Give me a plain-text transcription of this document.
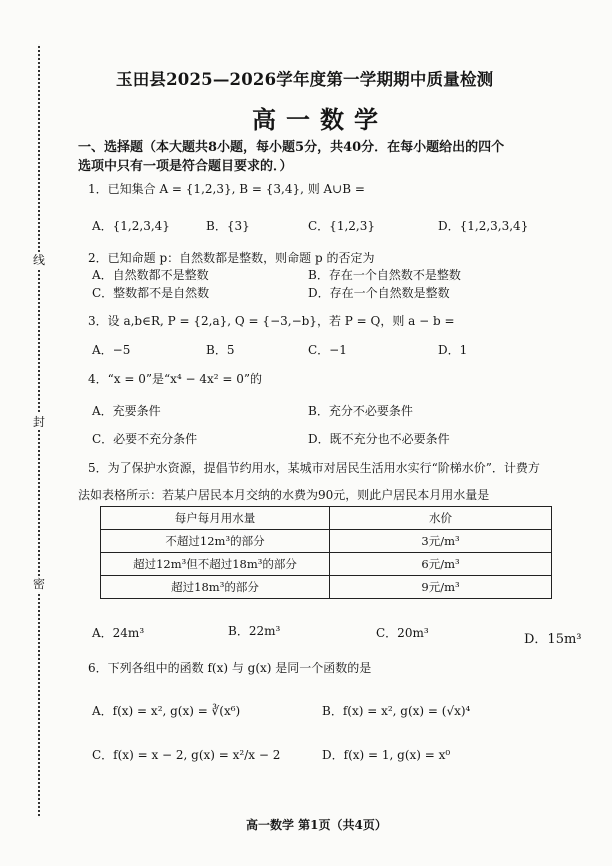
线
封
密
玉田县2025—2026学年度第一学期期中质量检测
高一数学
一、选择题（本大题共8小题，每小题5分，共40分．在每小题给出的四个
选项中只有一项是符合题目要求的．）
1．已知集合 A = {1,2,3}, B = {3,4}, 则 A∪B =
A．{1,2,3,4}	B．{3}	C．{1,2,3}	D．{1,2,3,3,4}
2．已知命题 p：自然数都是整数，则命题 p 的否定为
A．自然数都不是整数	B．存在一个自然数不是整数
C．整数都不是自然数	D．存在一个自然数是整数
3．设 a,b∈R, P = {2,a}, Q = {−3,−b}，若 P = Q，则 a − b =
A．−5	B．5	C．−1	D．1
4．“x = 0”是“x⁴ − 4x² = 0”的
A．充要条件	B．充分不必要条件
C．必要不充分条件	D．既不充分也不必要条件
5．为了保护水资源，提倡节约用水，某城市对居民生活用水实行“阶梯水价”．计费方
法如表格所示：若某户居民本月交纳的水费为90元，则此户居民本月用水量是
每户每月用水量	水价
不超过12m³的部分	3元/m³
超过12m³但不超过18m³的部分	6元/m³
超过18m³的部分	9元/m³
A．24m³	B．22m³	C．20m³	D．15m³
6．下列各组中的函数 f(x) 与 g(x) 是同一个函数的是
A．f(x) = x², g(x) = ∛(x⁶)	B．f(x) = x², g(x) = (√x)⁴
C．f(x) = x − 2, g(x) = x²/x − 2	D．f(x) = 1, g(x) = x⁰
高一数学 第1页（共4页）
